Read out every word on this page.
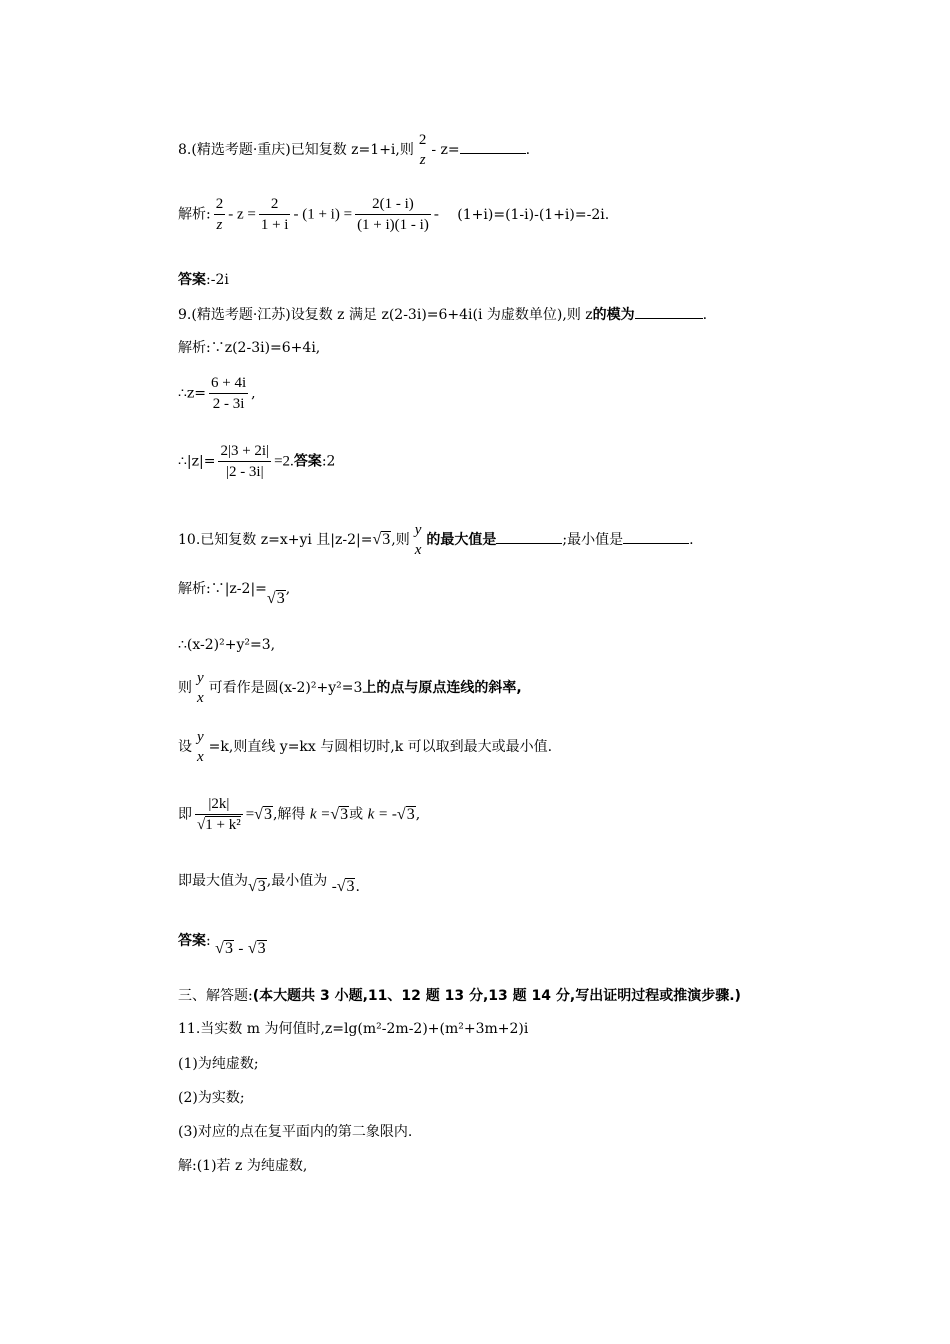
8.(精选考题·重庆)已知复数 z=1+i,则
2
z
- z=	.
解析: $\frac{2}{z} - z = \frac{2}{1 + i} - (1 + i) = \frac{2(1 - i)}{(1 + i)(1 - i)} - (1+i)=(1-i)-(1+i)=-2i$.
答案:-2i
9.(精选考题·江苏)设复数 z 满足 z(2-3i)=6+4i(i 为虚数单位),则 z的模为	.
解析:∵z(2-3i)=6+4i,
∴z= $\frac{6 + 4i}{2 - 3i}$ ,
∴|z|= $\frac{2|3 + 2i|}{|2 - 3i|} =2$.答案:2
10.已知复数 z=x+yi 且|z-2|=√3,则
y
x
的最大值是	;最小值是	.
解析:∵|z-2|=√3,
∴(x-2)²+y²=3,
则
y
x
可看作是圆(x-2)²+y²=3上的点与原点连线的斜率,
设
y
x
=k,则直线 y=kx 与圆相切时,k 可以取到最大或最小值.
即 $\frac{|2k|}{\text{√1 + k²}} =√3$,解得 k =√3或 k = -√3,
即最大值为√3,最小值为 -√3.
答案: √3 - √3
三、解答题:(本大题共 3 小题,11、12 题 13 分,13 题 14 分,写出证明过程或推演步骤.)
11.当实数 m 为何值时,z=lg(m²-2m-2)+(m²+3m+2)i
(1)为纯虚数;
(2)为实数;
(3)对应的点在复平面内的第二象限内.
解:(1)若 z 为纯虚数,
